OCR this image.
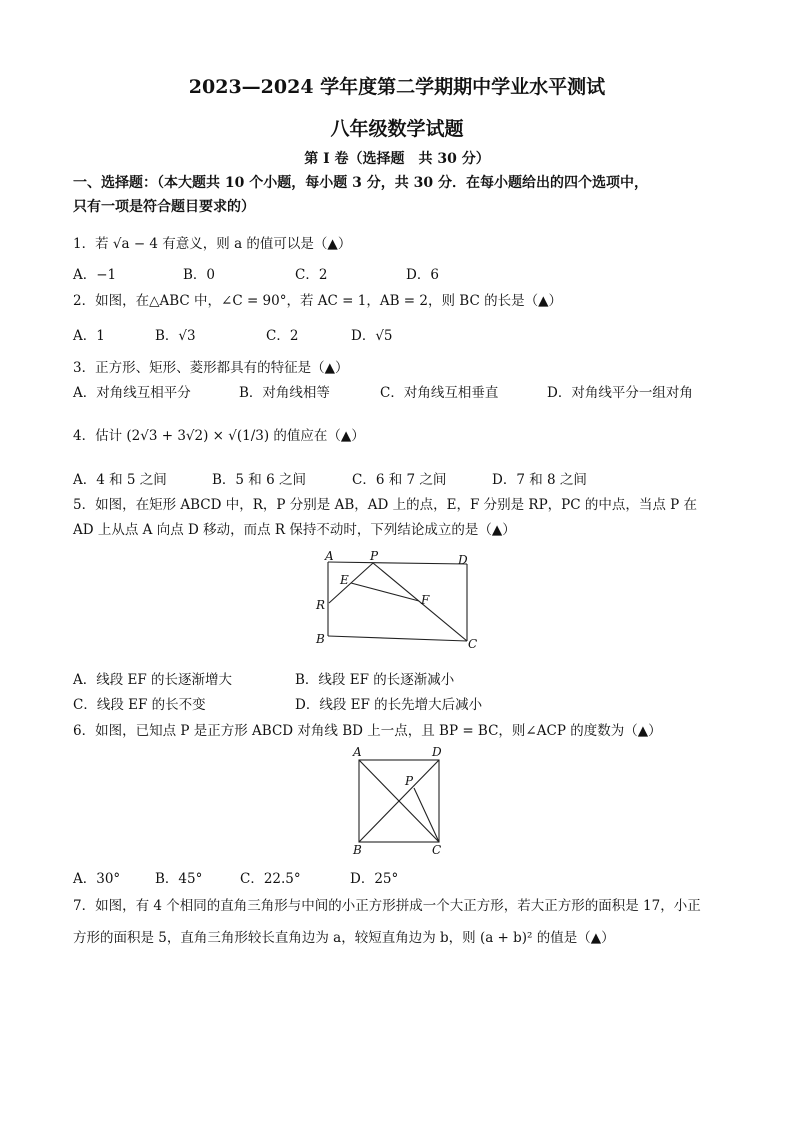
2023—2024 学年度第二学期期中学业水平测试
八年级数学试题
第 I 卷（选择题　共 30 分）
一、选择题：（本大题共 10 个小题，每小题 3 分，共 30 分．在每小题给出的四个选项中，
只有一项是符合题目要求的）
1．若 √a − 4 有意义，则 a 的值可以是（▲）
A．−1	B．0	C．2	D．6
2．如图，在△ABC 中，∠C = 90°，若 AC = 1，AB = 2，则 BC 的长是（▲）
A．1	B．√3	C．2	D．√5
3．正方形、矩形、菱形都具有的特征是（▲）
A．对角线互相平分	B．对角线相等	C．对角线互相垂直	D．对角线平分一组对角
4．估计 (2√3 + 3√2) × √(1/3) 的值应在（▲）
A．4 和 5 之间	B．5 和 6 之间	C．6 和 7 之间	D．7 和 8 之间
5．如图，在矩形 ABCD 中，R，P 分别是 AB，AD 上的点，E，F 分别是 RP，PC 的中点，当点 P 在
AD 上从点 A 向点 D 移动，而点 R 保持不动时，下列结论成立的是（▲）
A	P	D
E
F
R
B	C
A．线段 EF 的长逐渐增大	B．线段 EF 的长逐渐减小
C．线段 EF 的长不变	D．线段 EF 的长先增大后减小
6．如图，已知点 P 是正方形 ABCD 对角线 BD 上一点，且 BP = BC，则∠ACP 的度数为（▲）
A	D
P
B	C
A．30°	B．45°	C．22.5°	D．25°
7．如图，有 4 个相同的直角三角形与中间的小正方形拼成一个大正方形，若大正方形的面积是 17，小正
方形的面积是 5，直角三角形较长直角边为 a，较短直角边为 b，则 (a + b)² 的值是（▲）
